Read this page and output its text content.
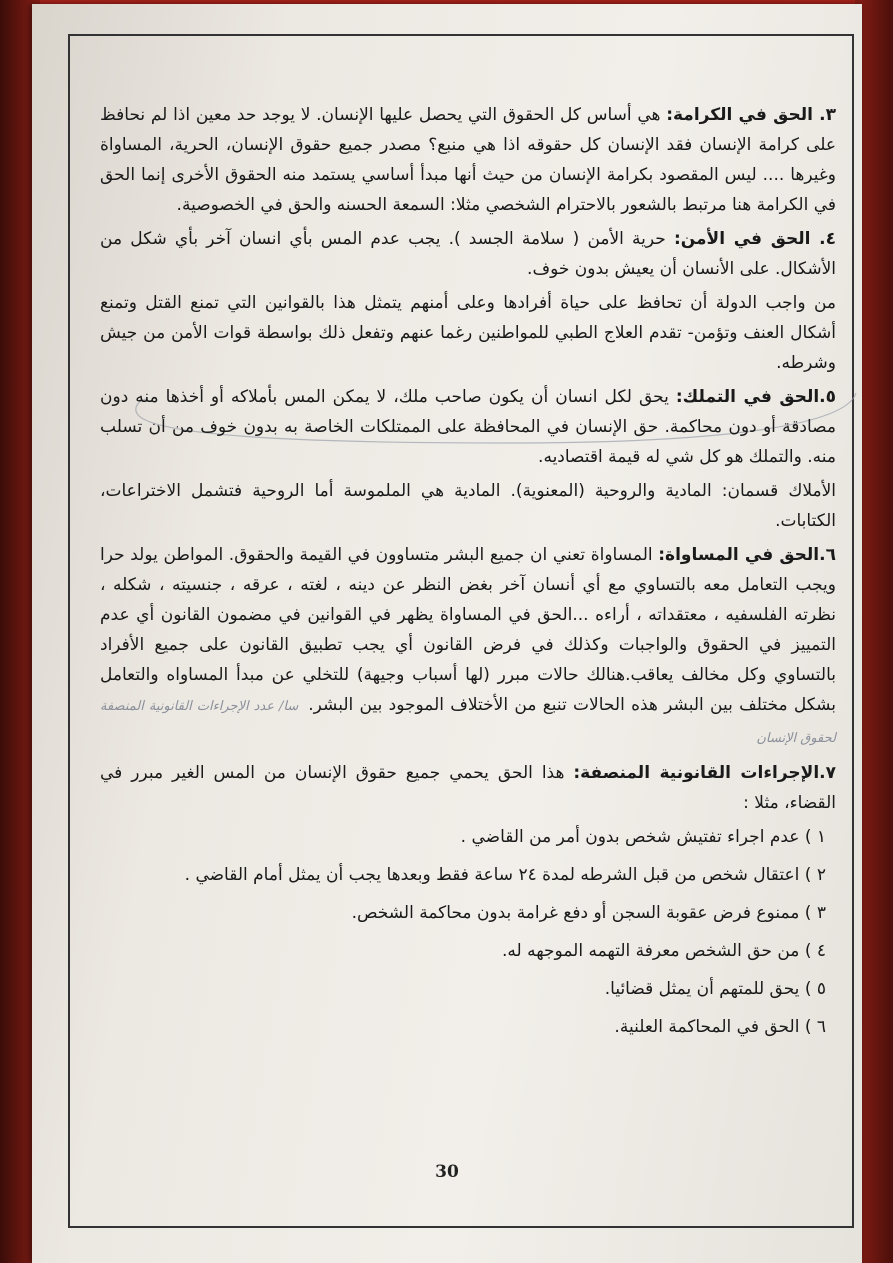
٣. الحق في الكرامة: هي أساس كل الحقوق التي يحصل عليها الإنسان. لا يوجد حد معين اذا لم نحافظ على كرامة الإنسان فقد الإنسان كل حقوقه اذا هي منبع؟ مصدر جميع حقوق الإنسان، الحرية، المساواة وغيرها .... ليس المقصود بكرامة الإنسان من حيث أنها مبدأ أساسي يستمد منه الحقوق الأخرى إنما الحق في الكرامة هنا مرتبط بالشعور بالاحترام الشخصي مثلا: السمعة الحسنه والحق في الخصوصية.

٤. الحق في الأمن: حرية الأمن ( سلامة الجسد ). يجب عدم المس بأي انسان آخر بأي شكل من الأشكال. على الأنسان أن يعيش بدون خوف.

من واجب الدولة أن تحافظ على حياة أفرادها وعلى أمنهم يتمثل هذا بالقوانين التي تمنع القتل وتمنع أشكال العنف وتؤمن- تقدم العلاج الطبي للمواطنين رغما عنهم وتفعل ذلك بواسطة قوات الأمن من جيش وشرطه.

٥.الحق في التملك: يحق لكل انسان أن يكون صاحب ملك، لا يمكن المس بأملاكه أو أخذها منه دون مصادقة أو دون محاكمة. حق الإنسان في المحافظة على الممتلكات الخاصة به بدون خوف من أن تسلب منه. والتملك هو كل شي له قيمة اقتصاديه.

الأملاك قسمان: المادية والروحية (المعنوية). المادية هي الملموسة أما الروحية فتشمل الاختراعات، الكتابات.

٦.الحق في المساواة: المساواة تعني ان جميع البشر متساوون في القيمة والحقوق. المواطن يولد حرا ويجب التعامل معه بالتساوي مع أي أنسان آخر بغض النظر عن دينه ، لغته ، عرقه ، جنسيته ، شكله ، نظرته الفلسفيه ، معتقداته ، أراءه ...الحق في المساواة يظهر في القوانين في مضمون القانون أي عدم التمييز في الحقوق والواجبات وكذلك في فرض القانون أي يجب تطبيق القانون على جميع الأفراد بالتساوي وكل مخالف يعاقب.هنالك حالات مبرر (لها أسباب وجيهة) للتخلي عن مبدأ المساواه والتعامل بشكل مختلف بين البشر هذه الحالات تنبع من الأختلاف الموجود بين البشر.سا/ عدد الإجراءات القانونية المنصفة لحقوق الإنسان

٧.الإجراءات القانونية المنصفة: هذا الحق يحمي جميع حقوق الإنسان من المس الغير مبرر في القضاء، مثلا :

١ ) عدم اجراء تفتيش شخص بدون أمر من القاضي .

٢ ) اعتقال شخص من قبل الشرطه لمدة ٢٤ ساعة فقط وبعدها يجب أن يمثل أمام القاضي .

٣ ) ممنوع فرض عقوبة السجن أو دفع غرامة بدون محاكمة الشخص.

٤ ) من حق الشخص معرفة التهمه الموجهه له.

٥ ) يحق للمتهم أن يمثل قضائيا.

٦ ) الحق في المحاكمة العلنية.

30
